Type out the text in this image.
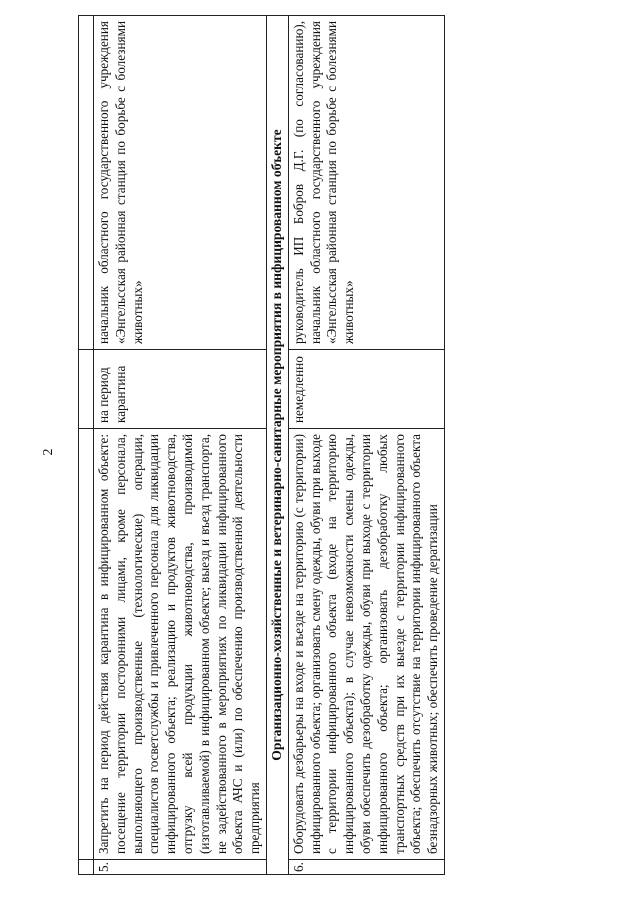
2

5.	Запретить на период действия карантина в инфицированном объекте: посещение территории посторонними лицами, кроме персонала, выполняющего производственные (технологические) операции, специалистов госветслужбы и привлеченного персонала для ликвидации инфицированного объекта; реализацию и продуктов животноводства, отгрузку всей продукции животноводства, производимой (изготавливаемой) в инфицированном объекте; выезд и въезд транспорта, не задействованного в мероприятиях по ликвидации инфицированного объекта АЧС и (или) по обеспечению производственной деятельности предприятия	на период карантина	начальник областного государственного учреждения «Энгельсская районная станция по борьбе с болезнями животных»
Организационно-хозяйственные и ветеринарно-санитарные мероприятия в инфицированном объекте			
6.	Оборудовать дезбарьеры на входе и въезде на территорию (с территории) инфицированного объекта; организовать смену одежды, обуви при выходе с территории инфицированного объекта (входе на территорию инфицированного объекта); в случае невозможности смены одежды, обуви обеспечить дезобработку одежды, обуви при выходе с территории инфицированного объекта; организовать дезобработку любых транспортных средств при их выезде с территории инфицированного объекта; обеспечить отсутствие на территории инфицированного объекта безнадзорных животных; обеспечить проведение дератизации	немедленно	руководитель ИП Бобров Д.Г. (по согласованию), начальник областного государственного учреждения «Энгельсская районная станция по борьбе с болезнями животных»
